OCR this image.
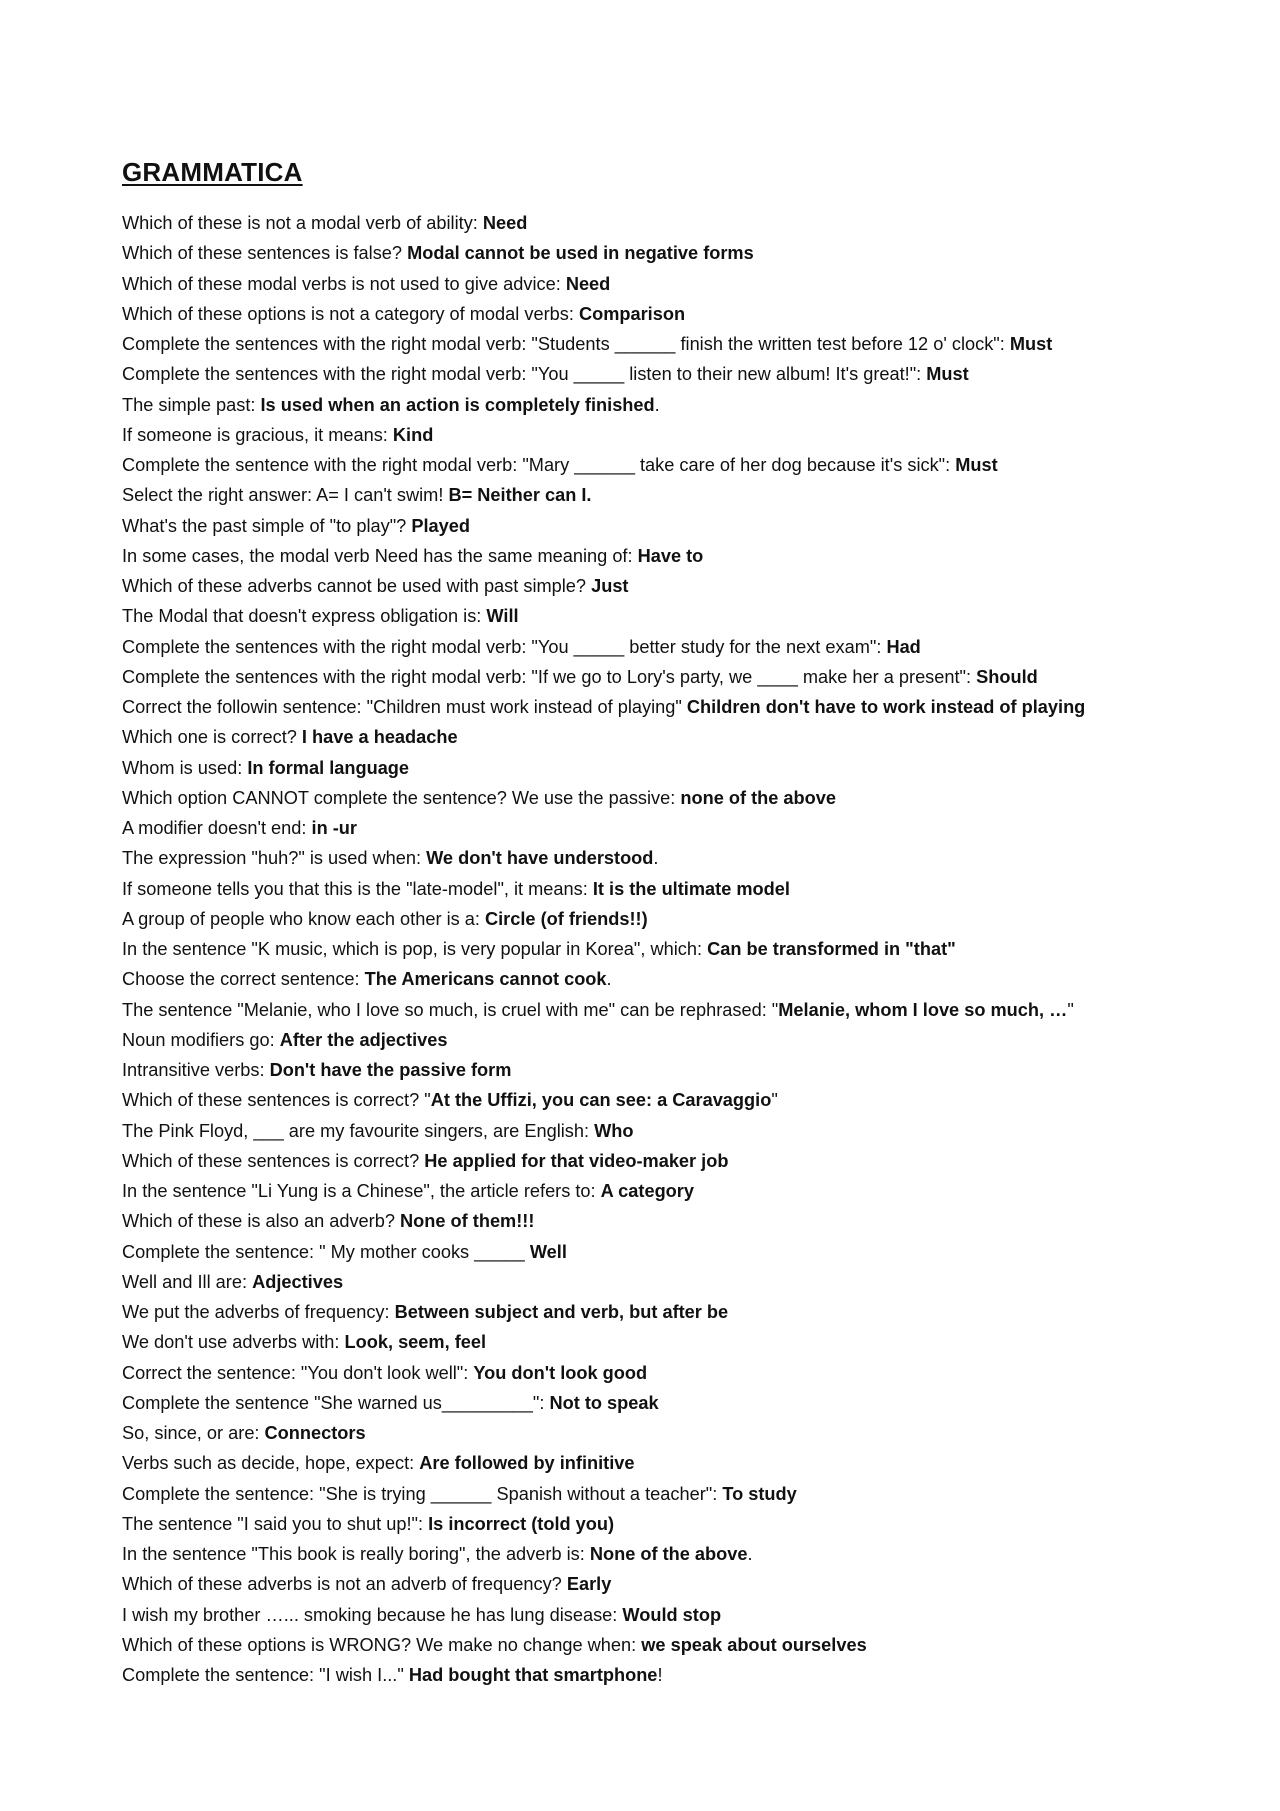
GRAMMATICA
Which of these is not a modal verb of ability: Need
Which of these sentences is false? Modal cannot be used in negative forms
Which of these modal verbs is not used to give advice: Need
Which of these options is not a category of modal verbs: Comparison
Complete the sentences with the right modal verb: "Students ______ finish the written test before 12 o' clock": Must
Complete the sentences with the right modal verb: "You _____ listen to their new album! It's great!": Must
The simple past: Is used when an action is completely finished.
If someone is gracious, it means: Kind
Complete the sentence with the right modal verb: "Mary ______ take care of her dog because it's sick": Must
Select the right answer: A= I can't swim! B= Neither can I.
What's the past simple of "to play"? Played
In some cases, the modal verb Need has the same meaning of: Have to
Which of these adverbs cannot be used with past simple? Just
The Modal that doesn't express obligation is: Will
Complete the sentences with the right modal verb: "You _____ better study for the next exam": Had
Complete the sentences with the right modal verb: "If we go to Lory's party, we ____ make her a present": Should
Correct the followin sentence: "Children must work instead of playing" Children don't have to work instead of playing
Which one is correct? I have a headache
Whom is used: In formal language
Which option CANNOT complete the sentence? We use the passive: none of the above
A modifier doesn't end: in -ur
The expression "huh?" is used when: We don't have understood.
If someone tells you that this is the "late-model", it means: It is the ultimate model
A group of people who know each other is a: Circle (of friends!!)
In the sentence "K music, which is pop, is very popular in Korea", which: Can be transformed in "that"
Choose the correct sentence: The Americans cannot cook.
The sentence "Melanie, who I love so much, is cruel with me" can be rephrased: "Melanie, whom I love so much, …"
Noun modifiers go: After the adjectives
Intransitive verbs: Don't have the passive form
Which of these sentences is correct? "At the Uffizi, you can see: a Caravaggio"
The Pink Floyd, ___ are my favourite singers, are English: Who
Which of these sentences is correct? He applied for that video-maker job
In the sentence "Li Yung is a Chinese", the article refers to: A category
Which of these is also an adverb? None of them!!!
Complete the sentence: " My mother cooks _____ Well
Well and Ill are: Adjectives
We put the adverbs of frequency: Between subject and verb, but after be
We don't use adverbs with: Look, seem, feel
Correct the sentence: "You don't look well": You don't look good
Complete the sentence "She warned us_________": Not to speak
So, since, or are: Connectors
Verbs such as decide, hope, expect: Are followed by infinitive
Complete the sentence: "She is trying ______ Spanish without a teacher": To study
The sentence "I said you to shut up!": Is incorrect (told you)
In the sentence "This book is really boring", the adverb is: None of the above.
Which of these adverbs is not an adverb of frequency? Early
I wish my brother …... smoking because he has lung disease: Would stop
Which of these options is WRONG? We make no change when: we speak about ourselves
Complete the sentence: "I wish I..." Had bought that smartphone!
